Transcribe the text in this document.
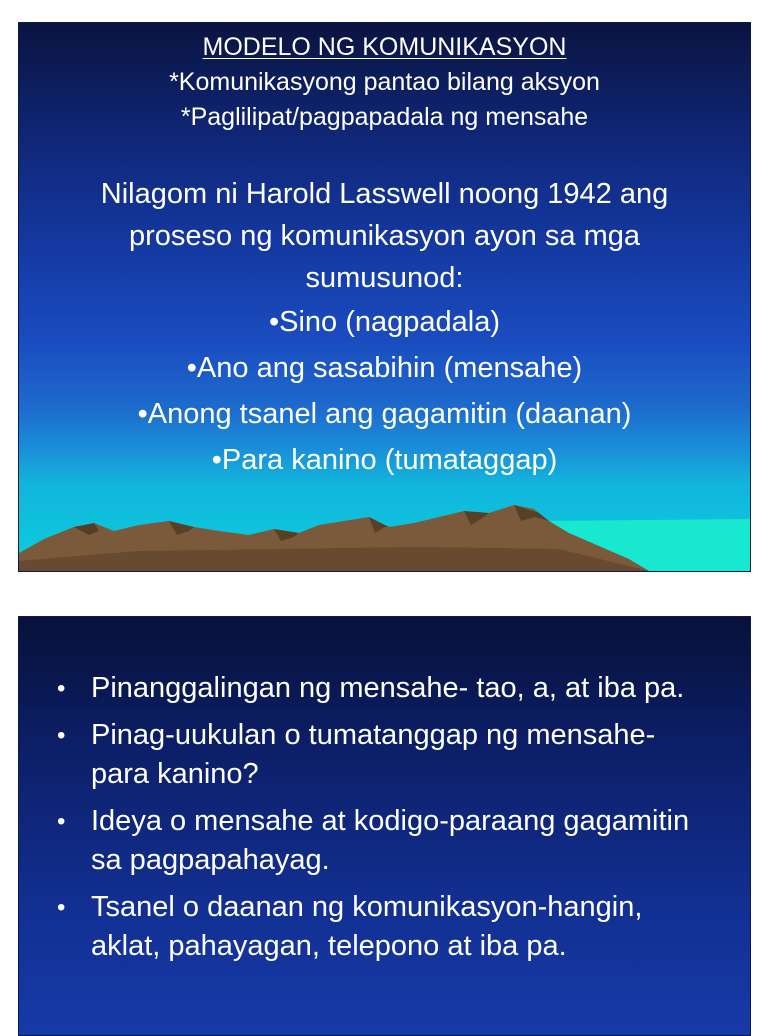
MODELO NG KOMUNIKASYON

*Komunikasyong pantao bilang aksyon

*Paglilipat/pagpapadala ng mensahe

Nilagom ni Harold Lasswell noong 1942 ang proseso ng komunikasyon ayon sa mga sumusunod:

•Sino (nagpadala)
•Ano ang sasabihin (mensahe)
•Anong tsanel ang gagamitin (daanan)
•Para kanino (tumataggap)
• Pinanggalingan ng mensahe- tao, a, at iba pa.
• Pinag-uukulan o tumatanggap ng mensahe-para kanino?
• Ideya o mensahe at kodigo-paraang gagamitin sa pagpapahayag.
• Tsanel o daanan ng komunikasyon-hangin, aklat, pahayagan, telepono at iba pa.
